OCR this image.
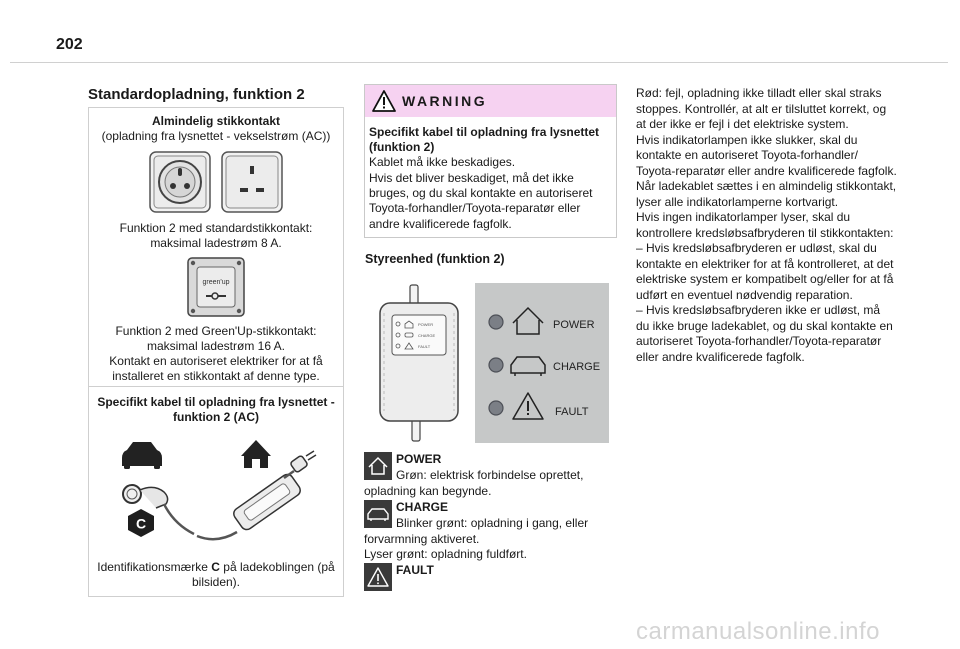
202
Standardopladning, funktion 2
Almindelig stikkontakt
(opladning fra lysnettet - vekselstrøm (AC))
Funktion 2 med standardstikkontakt:
maksimal ladestrøm 8 A.
green'up
Funktion 2 med Green'Up-stikkontakt:
maksimal ladestrøm 16 A.
Kontakt en autoriseret elektriker for at få
installeret en stikkontakt af denne type.
Specifikt kabel til opladning fra lysnettet -
funktion 2 (AC)
C
Identifikationsmærke C på ladekoblingen (på
bilsiden).
WARNING
Specifikt kabel til opladning fra lysnettet
(funktion 2)
Kablet må ikke beskadiges.
Hvis det bliver beskadiget, må det ikke
bruges, og du skal kontakte en autoriseret
Toyota-forhandler/Toyota-reparatør eller
andre kvalificerede fagfolk.
Styreenhed (funktion 2)
POWER
CHARGE
FAULT
POWER
CHARGE
FAULT
POWER
Grøn: elektrisk forbindelse oprettet,
opladning kan begynde.
CHARGE
Blinker grønt: opladning i gang, eller
forvarmning aktiveret.
Lyser grønt: opladning fuldført.
FAULT
Rød: fejl, opladning ikke tilladt eller skal straks
stoppes. Kontrollér, at alt er tilsluttet korrekt, og
at der ikke er fejl i det elektriske system.
Hvis indikatorlampen ikke slukker, skal du
kontakte en autoriseret Toyota-forhandler/
Toyota-reparatør eller andre kvalificerede fagfolk.
Når ladekablet sættes i en almindelig stikkontakt,
lyser alle indikatorlamperne kortvarigt.
Hvis ingen indikatorlamper lyser, skal du
kontrollere kredsløbsafbryderen til stikkontakten:
– Hvis kredsløbsafbryderen er udløst, skal du
kontakte en elektriker for at få kontrolleret, at det
elektriske system er kompatibelt og/eller for at få
udført en eventuel nødvendig reparation.
– Hvis kredsløbsafbryderen ikke er udløst, må
du ikke bruge ladekablet, og du skal kontakte en
autoriseret Toyota-forhandler/Toyota-reparatør
eller andre kvalificerede fagfolk.
carmanualsonline.info
